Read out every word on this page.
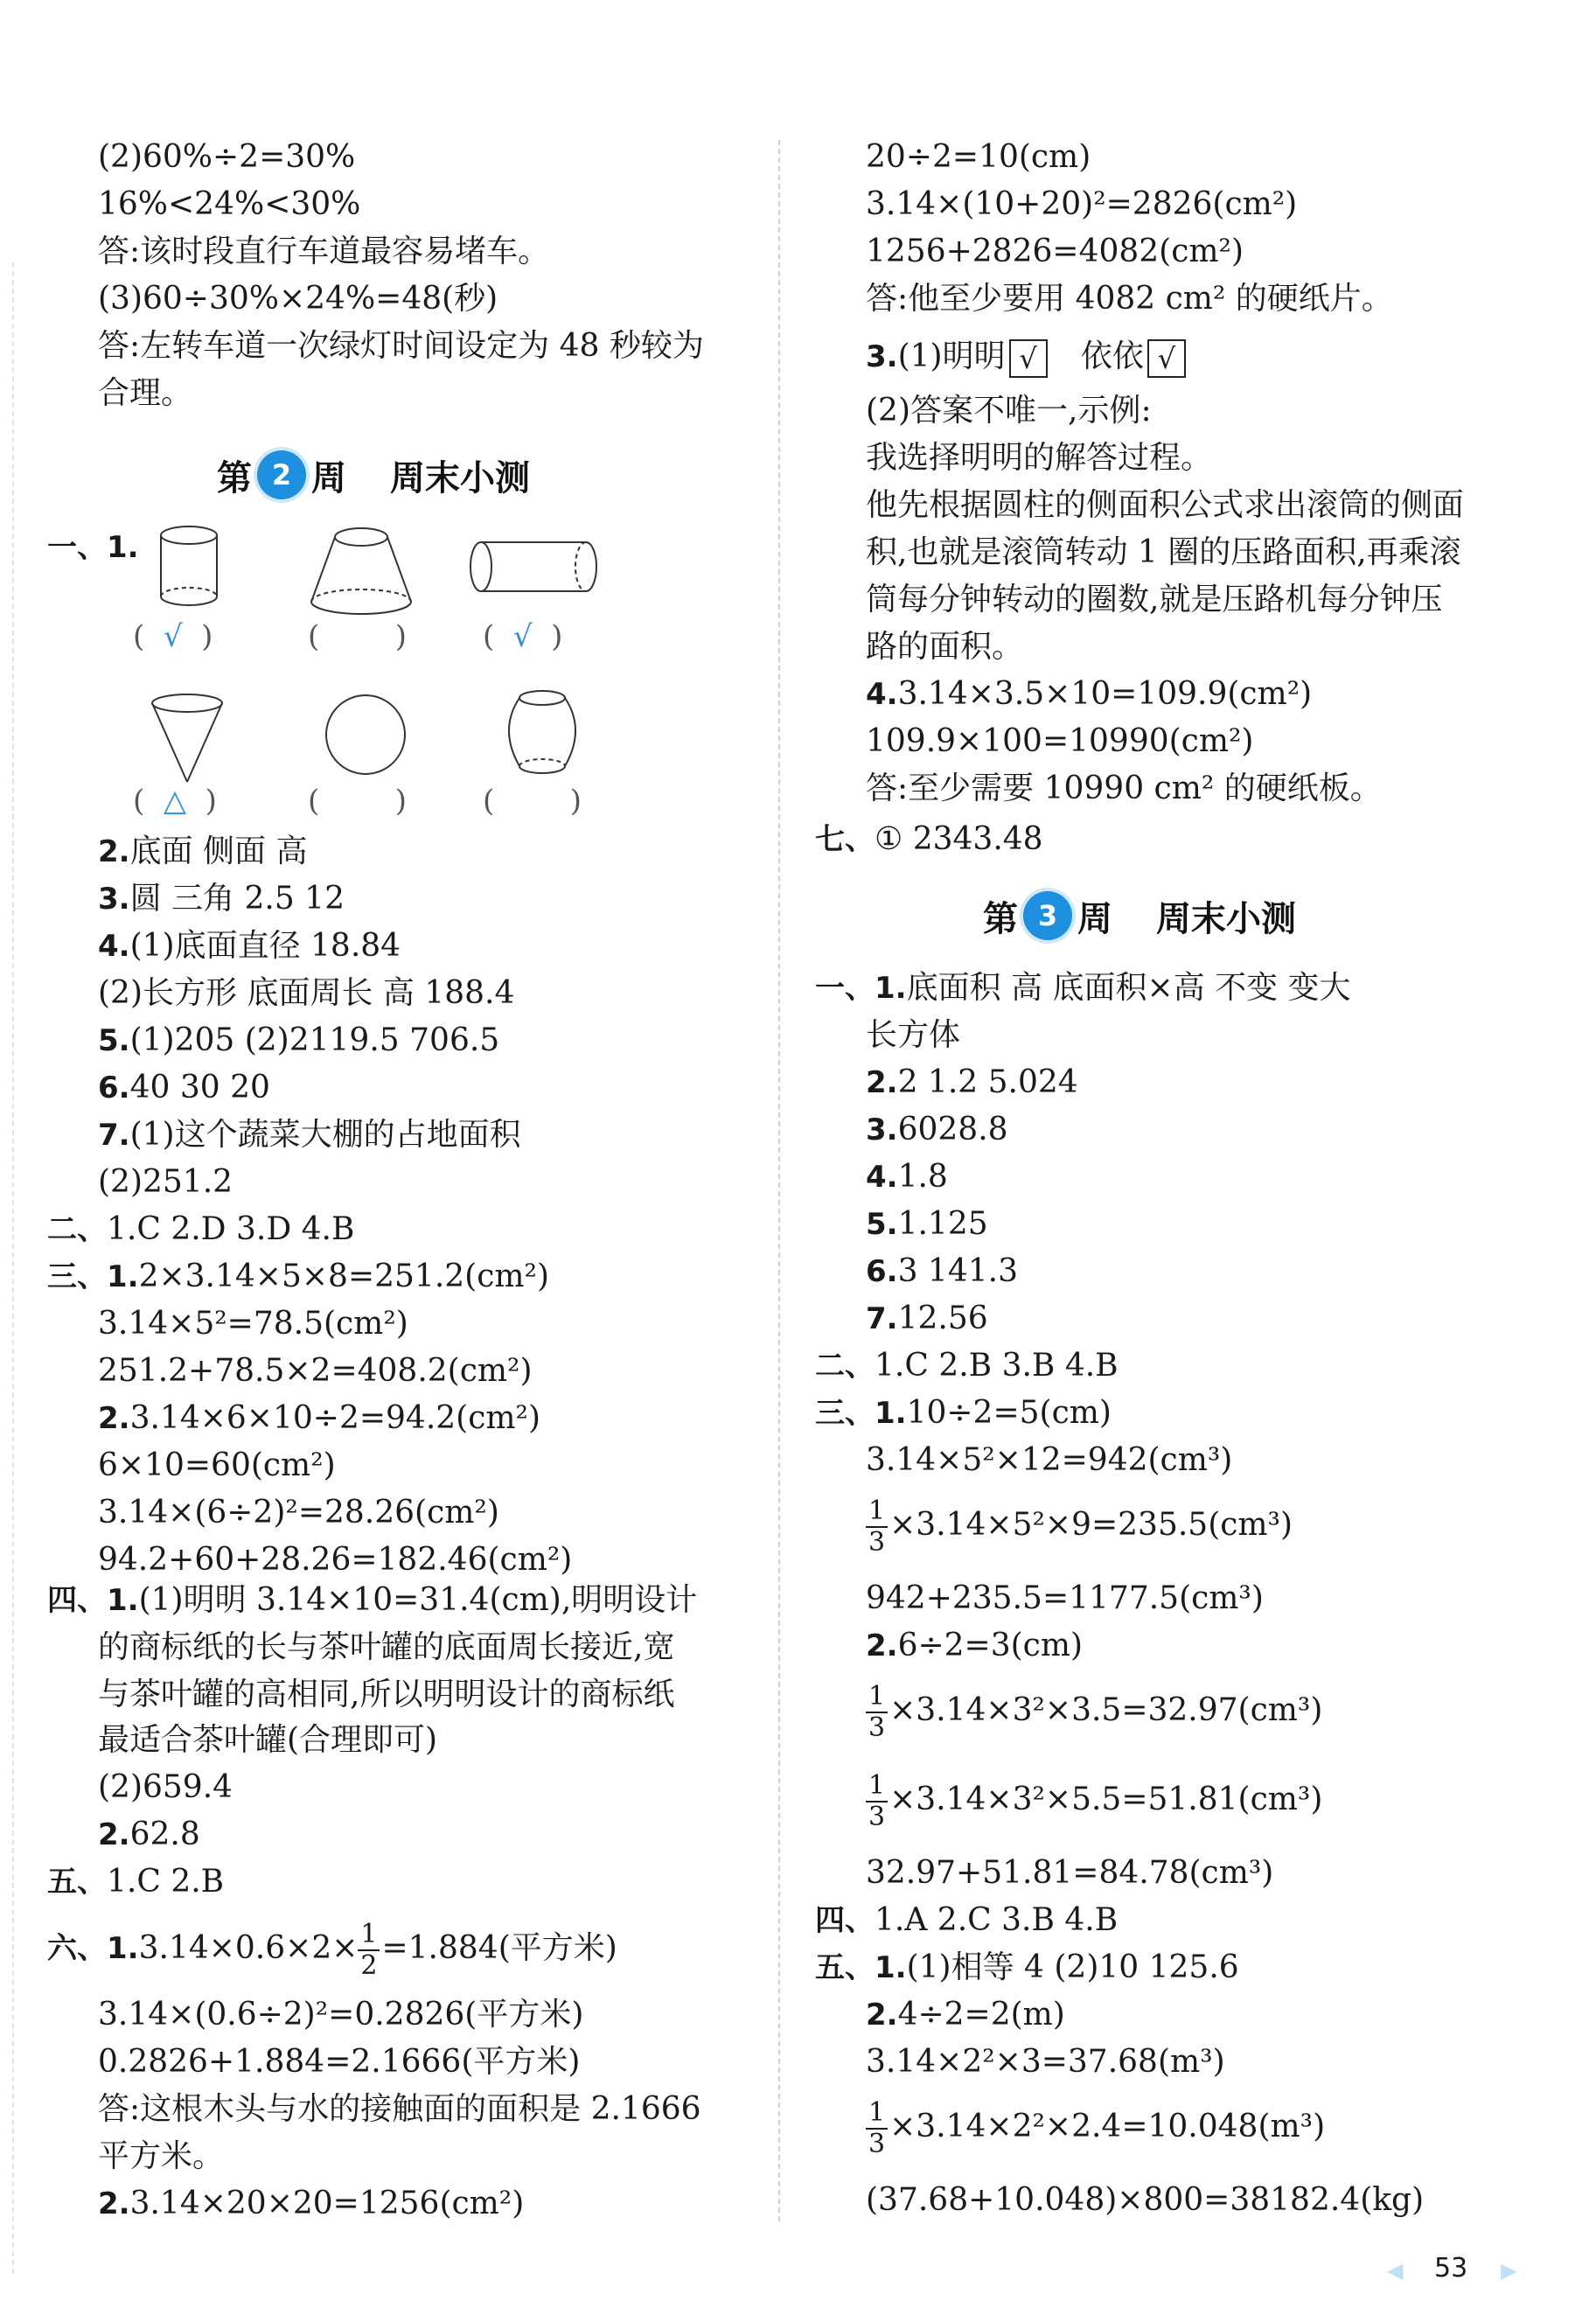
(2)60%÷2=30%
16%<24%<30%
答:该时段直行车道最容易堵车。
(3)60÷30%×24%=48(秒)
答:左转车道一次绿灯时间设定为 48 秒较为
合理。
第 2 周 周末小测
一、1.
(  √  )	(        )	(  √  )
(  △  )	(        )	(        )
2.底面 侧面 高
3.圆 三角 2.5 12
4.(1)底面直径 18.84
(2)长方形 底面周长 高 188.4
5.(1)205 (2)2119.5 706.5
6.40 30 20
7.(1)这个蔬菜大棚的占地面积
(2)251.2
二、1.C 2.D 3.D 4.B
三、1.2×3.14×5×8=251.2(cm²)
3.14×5²=78.5(cm²)
251.2+78.5×2=408.2(cm²)
2.3.14×6×10÷2=94.2(cm²)
6×10=60(cm²)
3.14×(6÷2)²=28.26(cm²)
94.2+60+28.26=182.46(cm²)
四、1.(1)明明 3.14×10=31.4(cm),明明设计
的商标纸的长与茶叶罐的底面周长接近,宽
与茶叶罐的高相同,所以明明设计的商标纸
最适合茶叶罐(合理即可)
(2)659.4
2.62.8
五、1.C 2.B
六、$1.3.14\times 0.6\times 2\times \frac{1}{2} =1.884$(平方米)
3.14×(0.6÷2)²=0.2826(平方米)
0.2826+1.884=2.1666(平方米)
答:这根木头与水的接触面的面积是 2.1666
平方米。
2.3.14×20×20=1256(cm²)
20÷2=10(cm)
3.14×(10+20)²=2826(cm²)
1256+2826=4082(cm²)
答:他至少要用 4082 cm² 的硬纸片。
3.(1)明明 √ 依依 √
(2)答案不唯一,示例:
我选择明明的解答过程。
他先根据圆柱的侧面积公式求出滚筒的侧面
积,也就是滚筒转动 1 圈的压路面积,再乘滚
筒每分钟转动的圈数,就是压路机每分钟压
路的面积。
4.3.14×3.5×10=109.9(cm²)
109.9×100=10990(cm²)
答:至少需要 10990 cm² 的硬纸板。
七、① 2343.48
第 3 周 周末小测
一、1.底面积 高 底面积×高 不变 变大
长方体
2.2 1.2 5.024
3.6028.8
4.1.8
5.1.125
6.3 141.3
7.12.56
二、1.C 2.B 3.B 4.B
三、1.10÷2=5(cm)
3.14×5²×12=942(cm³)
$\frac{1}{3} \times 3.14\times 5^2\times 9=235.5(cm^3)$
942+235.5=1177.5(cm³)
2.6÷2=3(cm)
$\frac{1}{3} \times 3.14\times 3^2\times 3.5=32.97(cm^3)$
$\frac{1}{3} \times 3.14\times 3^2\times 5.5=51.81(cm^3)$
32.97+51.81=84.78(cm³)
四、1.A 2.C 3.B 4.B
五、1.(1)相等 4 (2)10 125.6
2.4÷2=2(m)
3.14×2²×3=37.68(m³)
$\frac{1}{3} \times 3.14\times 2^2\times 2.4=10.048(m^3)$
(37.68+10.048)×800=38182.4(kg)
◀ 53 ▶
